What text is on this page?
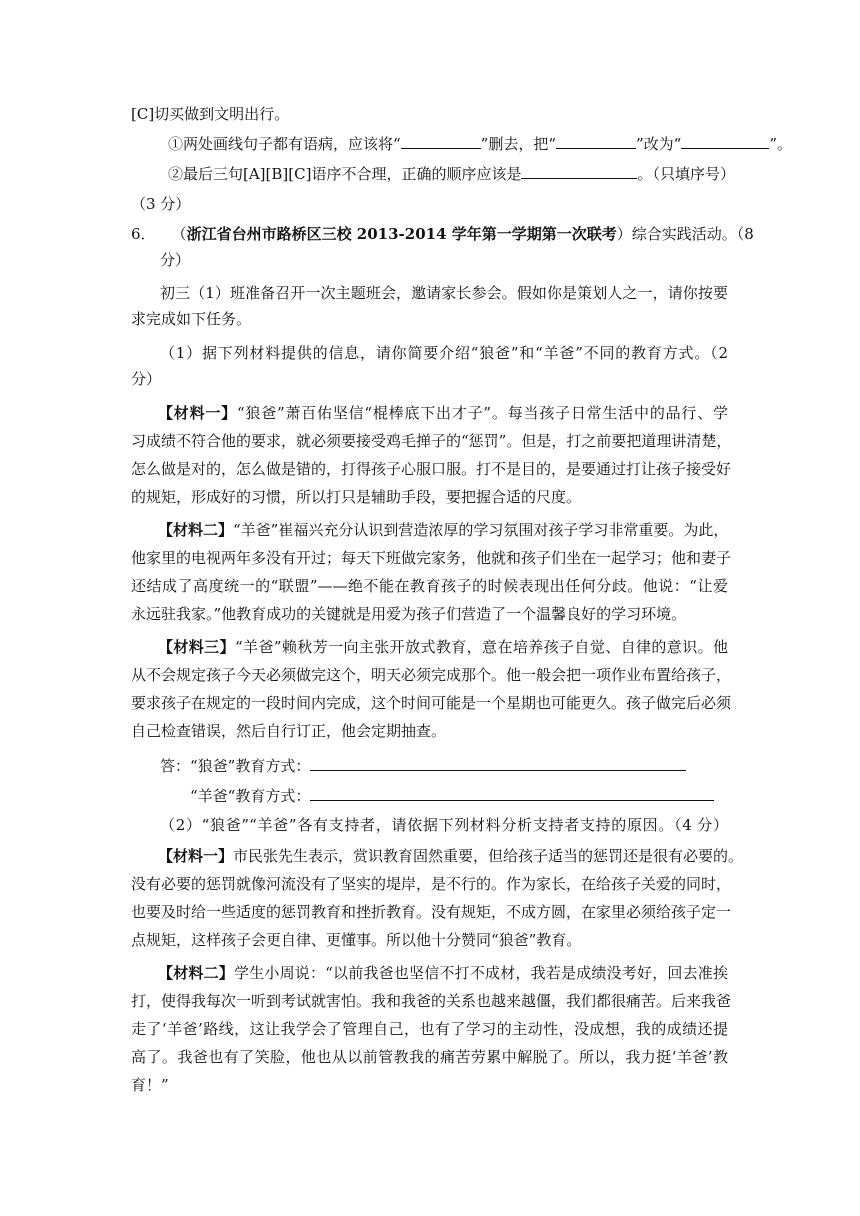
[C]切买做到文明出行。
①两处画线句子都有语病，应该将“	”删去，把“	”改为“	”。
②最后三句[A][B][C]语序不合理，正确的顺序应该是	。（只填序号）
（3 分）
6． （浙江省台州市路桥区三校 2013-2014 学年第一学期第一次联考）综合实践活动。（8
分）
初三（1）班准备召开一次主题班会，邀请家长参会。假如你是策划人之一，请你按要
求完成如下任务。
（1）据下列材料提供的信息，请你简要介绍“狼爸”和“羊爸”不同的教育方式。（2
分）
【材料一】“狼爸”萧百佑坚信“棍棒底下出才子”。每当孩子日常生活中的品行、学
习成绩不符合他的要求，就必须要接受鸡毛掸子的“惩罚”。但是，打之前要把道理讲清楚，
怎么做是对的，怎么做是错的，打得孩子心服口服。打不是目的，是要通过打让孩子接受好
的规矩，形成好的习惯，所以打只是辅助手段，要把握合适的尺度。
【材料二】“羊爸”崔福兴充分认识到营造浓厚的学习氛围对孩子学习非常重要。为此，
他家里的电视两年多没有开过；每天下班做完家务，他就和孩子们坐在一起学习；他和妻子
还结成了高度统一的“联盟”——绝不能在教育孩子的时候表现出任何分歧。他说：“让爱
永远驻我家。”他教育成功的关键就是用爱为孩子们营造了一个温馨良好的学习环境。
【材料三】“羊爸”赖秋芳一向主张开放式教育，意在培养孩子自觉、自律的意识。他
从不会规定孩子今天必须做完这个，明天必须完成那个。他一般会把一项作业布置给孩子，
要求孩子在规定的一段时间内完成，这个时间可能是一个星期也可能更久。孩子做完后必须
自己检查错误，然后自行订正，他会定期抽查。
答：“狼爸”教育方式：
“羊爸“教育方式：
（2）“狼爸”“羊爸”各有支持者，请依据下列材料分析支持者支持的原因。（4 分）
【材料一】市民张先生表示，赏识教育固然重要，但给孩子适当的惩罚还是很有必要的。
没有必要的惩罚就像河流没有了坚实的堤岸，是不行的。作为家长，在给孩子关爱的同时，
也要及时给一些适度的惩罚教育和挫折教育。没有规矩，不成方圆，在家里必须给孩子定一
点规矩，这样孩子会更自律、更懂事。所以他十分赞同“狼爸”教育。
【材料二】学生小周说：“以前我爸也坚信不打不成材，我若是成绩没考好，回去准挨
打，使得我每次一听到考试就害怕。我和我爸的关系也越来越僵，我们都很痛苦。后来我爸
走了‘羊爸’路线，这让我学会了管理自己，也有了学习的主动性，没成想，我的成绩还提
高了。我爸也有了笑脸，他也从以前管教我的痛苦劳累中解脱了。所以，我力挺‘羊爸’教
育！”
